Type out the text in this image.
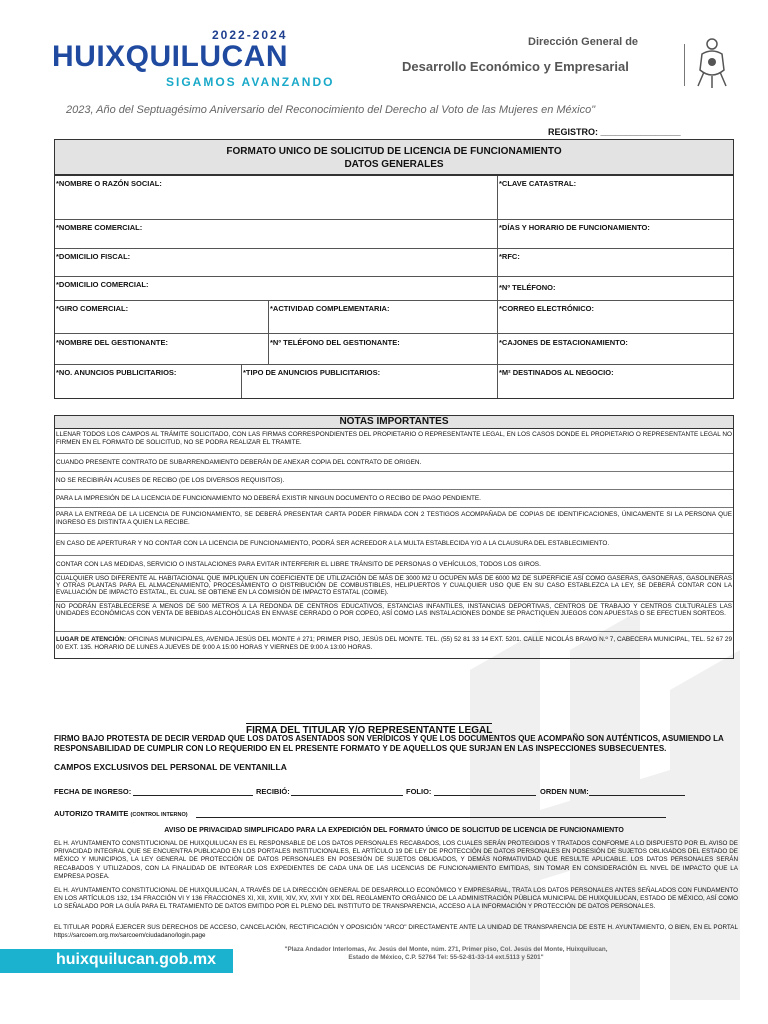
2022-2024
HUIXQUILUCAN
SIGAMOS AVANZANDO
Dirección General de
Desarrollo Económico y Empresarial
2023, Año del Septuagésimo Aniversario del Reconocimiento del Derecho al Voto de las Mujeres en México"
REGISTRO: ________________
FORMATO UNICO DE SOLICITUD DE LICENCIA DE FUNCIONAMIENTO
DATOS GENERALES
*NOMBRE O RAZÓN SOCIAL:	*CLAVE CATASTRAL:
*NOMBRE COMERCIAL:	*DÍAS Y HORARIO DE FUNCIONAMIENTO:
*DOMICILIO FISCAL:	*RFC:
*DOMICILIO COMERCIAL:	*Nº TELÉFONO:
*GIRO COMERCIAL:	*ACTIVIDAD COMPLEMENTARIA:	*CORREO ELECTRÓNICO:
*NOMBRE DEL GESTIONANTE:	*Nº TELÉFONO DEL GESTIONANTE:	*CAJONES DE ESTACIONAMIENTO:
*NO. ANUNCIOS PUBLICITARIOS:	*TIPO DE ANUNCIOS PUBLICITARIOS:	*M² DESTINADOS AL NEGOCIO:
NOTAS IMPORTANTES
LLENAR TODOS LOS CAMPOS AL TRÁMITE SOLICITADO, CON LAS FIRMAS CORRESPONDIENTES DEL PROPIETARIO O REPRESENTANTE LEGAL, EN LOS CASOS DONDE EL PROPIETARIO O REPRESENTANTE LEGAL NO FIRMEN EN EL FORMATO DE SOLICITUD, NO SE PODRA REALIZAR EL TRAMITE.
CUANDO PRESENTE CONTRATO DE SUBARRENDAMIENTO DEBERÁN DE ANEXAR COPIA DEL CONTRATO DE ORIGEN.
NO SE RECIBIRÁN ACUSES DE RECIBO (DE LOS DIVERSOS REQUISITOS).
PARA LA IMPRESIÓN DE LA LICENCIA DE FUNCIONAMIENTO NO DEBERÁ EXISTIR NINGUN DOCUMENTO O RECIBO DE PAGO PENDIENTE.
PARA LA ENTREGA DE LA LICENCIA DE FUNCIONAMIENTO, SE DEBERÁ PRESENTAR CARTA PODER FIRMADA CON 2 TESTIGOS ACOMPAÑADA DE COPIAS DE IDENTIFICACIONES, ÚNICAMENTE SI LA PERSONA QUE INGRESO ES DISTINTA A QUIEN LA RECIBE.
EN CASO DE APERTURAR Y NO CONTAR CON LA LICENCIA DE FUNCIONAMIENTO, PODRÁ SER ACREEDOR A LA MULTA ESTABLECIDA Y/O A LA CLAUSURA DEL ESTABLECIMIENTO.
CONTAR CON LAS MEDIDAS, SERVICIO O INSTALACIONES PARA EVITAR INTERFERIR EL LIBRE TRÁNSITO DE PERSONAS O VEHÍCULOS, TODOS LOS GIROS.
CUALQUIER USO DIFERENTE AL HABITACIONAL QUE IMPLIQUEN UN COEFICIENTE DE UTILIZACIÓN DE MÁS DE 3000 M2 U OCUPEN MÁS DE 6000 M2 DE SUPERFICIE ASÍ COMO GASERAS, GASONERAS, GASOLINERAS Y OTRAS PLANTAS PARA EL ALMACENAMIENTO, PROCESAMIENTO O DISTRIBUCIÓN DE COMBUSTIBLES, HELIPUERTOS Y CUALQUIER USO QUE EN SU CASO ESTABLEZCA LA LEY, SE DEBERÁ CONTAR CON LA EVALUACIÓN DE IMPACTO ESTATAL, EL CUAL SE OBTIENE EN LA COMISIÓN DE IMPACTO ESTATAL (COIME).
NO PODRÁN ESTABLECERSE A MENOS DE 500 METROS A LA REDONDA DE CENTROS EDUCATIVOS, ESTANCIAS INFANTILES, INSTANCIAS DEPORTIVAS, CENTROS DE TRABAJO Y CENTROS CULTURALES LAS UNIDADES ECONÓMICAS CON VENTA DE BEBIDAS ALCOHÓLICAS EN ENVASE CERRADO O POR COPEO, ASÍ COMO LAS INSTALACIONES DONDE SE PRACTIQUEN JUEGOS CON APUESTAS O SE EFECTUEN SORTEOS.
LUGAR DE ATENCIÓN: OFICINAS MUNICIPALES, AVENIDA JESÚS DEL MONTE # 271; PRIMER PISO, JESÚS DEL MONTE. TEL. (55) 52 81 33 14 EXT. 5201. CALLE NICOLÁS BRAVO N.º 7, CABECERA MUNICIPAL, TEL. 52 67 29 00 EXT. 135. HORARIO DE LUNES A JUEVES DE 9:00 A 15:00 HORAS Y VIERNES DE 9:00 A 13:00 HORAS.
FIRMA DEL TITULAR Y/O REPRESENTANTE LEGAL
FIRMO BAJO PROTESTA DE DECIR VERDAD QUE LOS DATOS ASENTADOS SON VERÍDICOS Y QUE LOS DOCUMENTOS QUE ACOMPAÑO SON AUTÉNTICOS, ASUMIENDO LA RESPONSABILIDAD DE CUMPLIR CON LO REQUERIDO EN EL PRESENTE FORMATO Y DE AQUELLOS QUE SURJAN EN LAS INSPECCIONES SUBSECUENTES.
CAMPOS EXCLUSIVOS DEL PERSONAL DE VENTANILLA
FECHA DE INGRESO:	RECIBIÓ:	FOLIO:	ORDEN NUM:
AUTORIZO TRAMITE (CONTROL INTERNO)
AVISO DE PRIVACIDAD SIMPLIFICADO PARA LA EXPEDICIÓN DEL FORMATO ÚNICO DE SOLICITUD DE LICENCIA DE FUNCIONAMIENTO
EL H. AYUNTAMIENTO CONSTITUCIONAL DE HUIXQUILUCAN ES EL RESPONSABLE DE LOS DATOS PERSONALES RECABADOS, LOS CUALES SERÁN PROTEGIDOS Y TRATADOS CONFORME A LO DISPUESTO POR EL AVISO DE PRIVACIDAD INTEGRAL QUE SE ENCUENTRA PUBLICADO EN LOS PORTALES INSTITUCIONALES, EL ARTÍCULO 19 DE LEY DE PROTECCIÓN DE DATOS PERSONALES EN POSESIÓN DE SUJETOS OBLIGADOS DEL ESTADO DE MÉXICO Y MUNICIPIOS, LA LEY GENERAL DE PROTECCIÓN DE DATOS PERSONALES EN POSESIÓN DE SUJETOS OBLIGADOS, Y DEMÁS NORMATIVIDAD QUE RESULTE APLICABLE. LOS DATOS PERSONALES SERÁN RECABADOS Y UTILIZADOS, CON LA FINALIDAD DE INTEGRAR LOS EXPEDIENTES DE CADA UNA DE LAS LICENCIAS DE FUNCIONAMIENTO EMITIDAS, SIN TOMAR EN CONSIDERACIÓN EL NIVEL DE IMPACTO QUE LA EMPRESA POSEA.
EL H. AYUNTAMIENTO CONSTITUCIONAL DE HUIXQUILUCAN, A TRAVÉS DE LA DIRECCIÓN GENERAL DE DESARROLLO ECONÓMICO Y EMPRESARIAL, TRATA LOS DATOS PERSONALES ANTES SEÑALADOS CON FUNDAMENTO EN LOS ARTÍCULOS 132, 134 FRACCIÓN VI Y 136 FRACCIONES XI, XII, XVIII, XIV, XV, XVII Y XIX DEL REGLAMENTO ORGÁNICO DE LA ADMINISTRACIÓN PÚBLICA MUNICIPAL DE HUIXQUILUCAN, ESTADO DE MÉXICO, ASÍ COMO LO SEÑALADO POR LA GUÍA PARA EL TRATAMIENTO DE DATOS EMITIDO POR EL PLENO DEL INSTITUTO DE TRANSPARENCIA, ACCESO A LA INFORMACIÓN Y PROTECCIÓN DE DATOS PERSONALES.
EL TITULAR PODRÁ EJERCER SUS DERECHOS DE ACCESO, CANCELACIÓN, RECTIFICACIÓN Y OPOSICIÓN "ARCO" DIRECTAMENTE ANTE LA UNIDAD DE TRANSPARENCIA DE ESTE H. AYUNTAMIENTO, O BIEN, EN EL PORTAL https://sarcoem.org.mx/sarcoem/ciudadano/login.page
huixquilucan.gob.mx
"Plaza Andador Interlomas, Av. Jesús del Monte, núm. 271, Primer piso, Col. Jesús del Monte, Huixquilucan,
Estado de México, C.P. 52764 Tel: 55-52-81-33-14 ext.5113 y 5201"
